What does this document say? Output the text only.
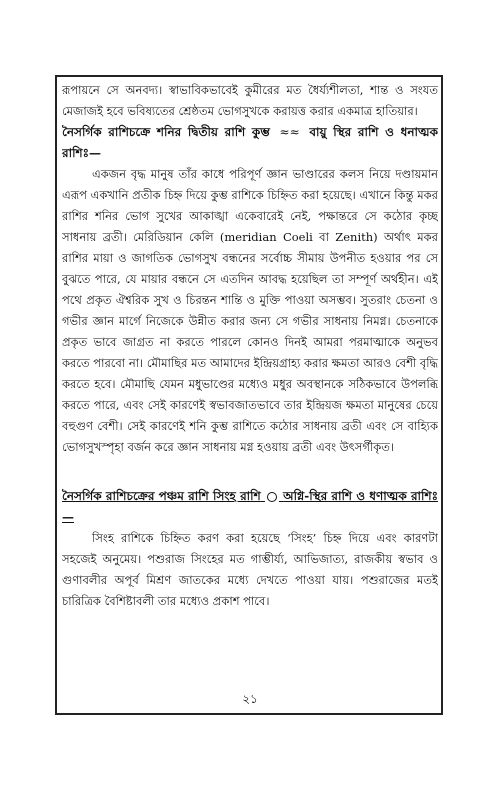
রূপায়নে সে অনবদ্য। স্বাভাবিকভাবেই কুমীরের মত ধৈর্য্যশীলতা, শান্ত ও সংযত মেজাজই হবে ভবিষ্যতের শ্রেষ্ঠতম ভোগসুখকে করায়ত্ত করার একমাত্র হাতিয়ার।

নৈসর্গিক রাশিচক্রে শনির দ্বিতীয় রাশি কুম্ভ ≈≈ বায়ু স্থির রাশি ও ধনাত্মক রাশিঃ—

একজন বৃদ্ধ মানুষ তাঁর কাধে পরিপূর্ণ জ্ঞান ভাণ্ডারের কলস নিয়ে দণ্ডায়মান এরূপ একখানি প্রতীক চিহ্ন দিয়ে কুম্ভ রাশিকে চিহ্নিত করা হয়েছে। এখানে কিন্তু মকর রাশির শনির ভোগ সুখের আকাঙ্খা একেবারেই নেই, পক্ষান্তরে সে কঠোর কৃচ্ছ সাধনায় ব্রতী। মেরিডিয়ান কেলি (meridian Coeli বা Zenith) অর্থাৎ মকর রাশির মায়া ও জাগতিক ভোগসুখ বন্ধনের সর্বোচ্চ সীমায় উপনীত হওয়ার পর সে বুঝতে পারে, যে মায়ার বন্ধনে সে এতদিন আবদ্ধ হয়েছিল তা সম্পূর্ণ অর্থহীন। এই পথে প্রকৃত ঐশ্বরিক সুখ ও চিরন্তন শান্তি ও মুক্তি পাওয়া অসম্ভব। সুতরাং চেতনা ও গভীর জ্ঞান মার্গে নিজেকে উন্নীত করার জন্য সে গভীর সাধনায় নিমগ্ন। চেতনাকে প্রকৃত ভাবে জাগ্রত না করতে পারলে কোনও দিনই আমরা পরমাত্মাকে অনুভব করতে পারবো না। মৌমাছির মত আমাদের ইন্দ্রিয়গ্রাহ্য করার ক্ষমতা আরও বেশী বৃদ্ধি করতে হবে। মৌমাছি যেমন মধুভাণ্ডের মধ্যেও মধুর অবস্থানকে সঠিকভাবে উপলব্ধি করতে পারে, এবং সেই কারণেই স্বভাবজাতভাবে তার ইন্দ্রিয়জ ক্ষমতা মানুষের চেয়ে বহুগুণ বেশী। সেই কারণেই শনি কুম্ভ রাশিতে কঠোর সাধনায় ব্রতী এবং সে বাহ্যিক ভোগসুখস্পৃহা বর্জন করে জ্ঞান সাধনায় মগ্ন হওয়ায় ব্রতী এবং উৎসর্গীকৃত।

নৈসর্গিক রাশিচক্রের পঞ্চম রাশি সিংহ রাশি অগ্নি-স্থির রাশি ও ধণাত্মক রাশিঃ—

সিংহ রাশিকে চিহ্নিত করণ করা হয়েছে ‘সিংহ’ চিহ্ন দিয়ে এবং কারণটা সহজেই অনুমেয়। পশুরাজ সিংহের মত গাম্ভীর্য্য, আভিজাত্য, রাজকীয় স্বভাব ও গুণাবলীর অপূর্ব মিশ্রণ জাতকের মধ্যে দেখতে পাওয়া যায়। পশুরাজের মতই চারিত্রিক বৈশিষ্টাবলী তার মধ্যেও প্রকাশ পাবে।

২১
